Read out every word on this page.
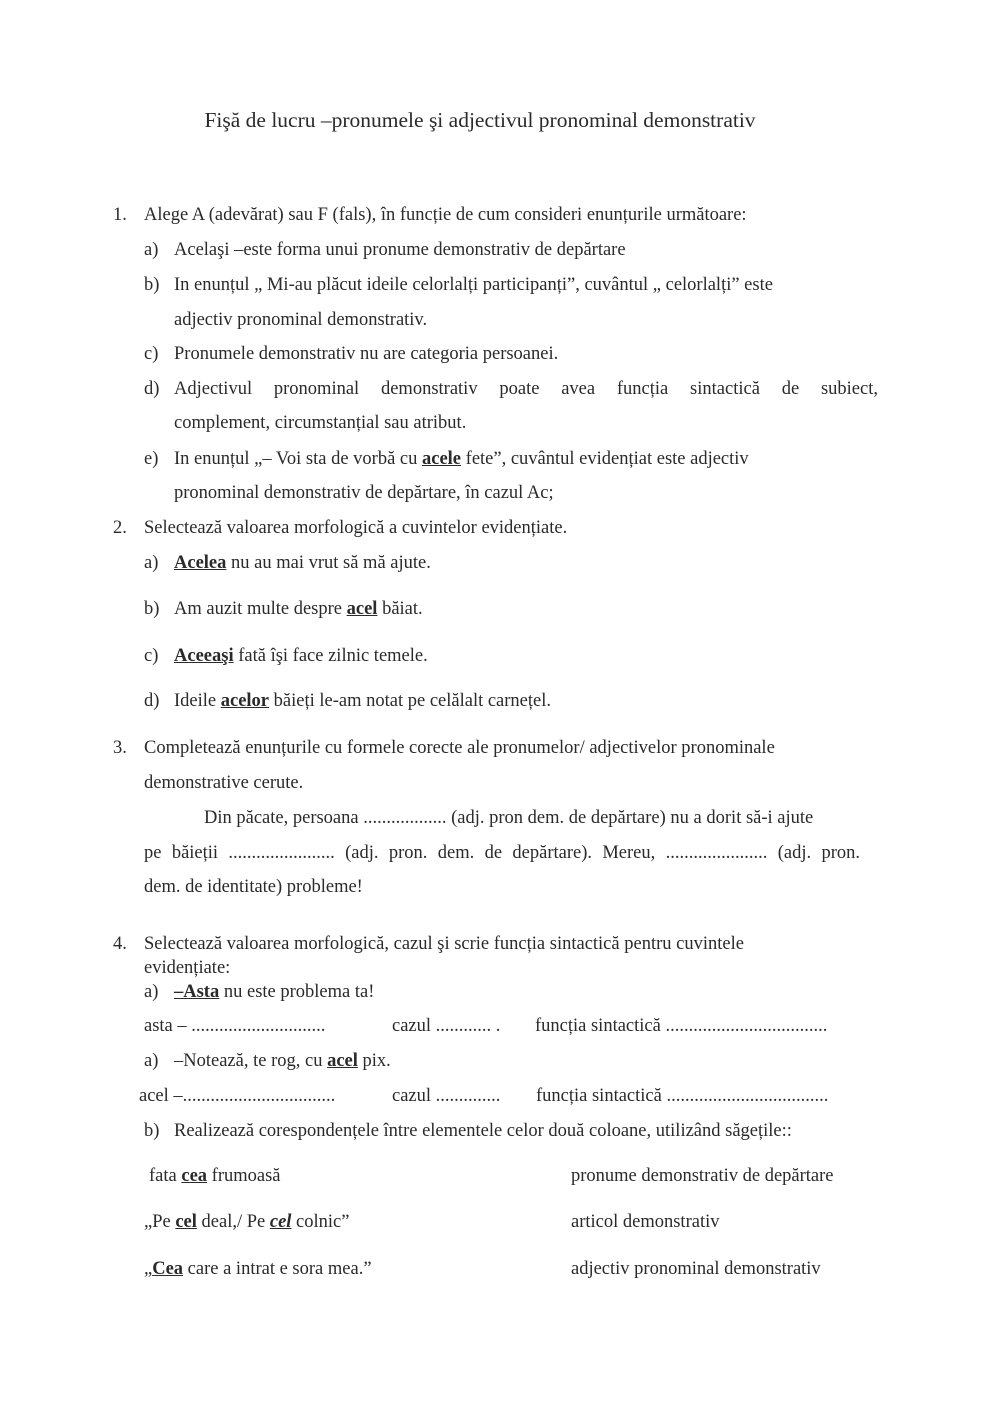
Fişă de lucru –pronumele şi adjectivul pronominal demonstrativ
1. Alege A (adevărat) sau F (fals), în funcție de cum consideri enunțurile următoare:
a) Acelaşi –este forma unui pronume demonstrativ de depărtare
b) In enunțul „ Mi-au plăcut ideile celorlalți participanți”, cuvântul „ celorlalți” este
adjectiv pronominal demonstrativ.
c) Pronumele demonstrativ nu are categoria persoanei.
d) Adjectivul pronominal demonstrativ poate avea funcția sintactică de subiect,
complement, circumstanțial sau atribut.
e) In enunțul „– Voi sta de vorbă cu acele fete”, cuvântul evidențiat este adjectiv
pronominal demonstrativ de depărtare, în cazul Ac;
2. Selectează valoarea morfologică a cuvintelor evidențiate.
a) Acelea nu au mai vrut să mă ajute.
b) Am auzit multe despre acel băiat.
c) Aceeaşi fată îşi face zilnic temele.
d) Ideile acelor băieți le-am notat pe celălalt carnețel.
3. Completează enunțurile cu formele corecte ale pronumelor/ adjectivelor pronominale
demonstrative cerute.
Din păcate, persoana .................. (adj. pron dem. de depărtare) nu a dorit să-i ajute
pe băieții ....................... (adj. pron. dem. de depărtare). Mereu, ...................... (adj. pron.
dem. de identitate) probleme!
4. Selectează valoarea morfologică, cazul şi scrie funcția sintactică pentru cuvintele
evidențiate:
a) –Asta nu este problema ta!
asta – .............................	cazul ............ . funcția sintactică ...................................
a) –Notează, te rog, cu acel pix.
acel –.................................	cazul .............. funcția sintactică ...................................
b) Realizează corespondențele între elementele celor două coloane, utilizând săgețile::
fata cea frumoasă	pronume demonstrativ de depărtare
„Pe cel deal,/ Pe cel colnic”	articol demonstrativ
„Cea care a intrat e sora mea.”	adjectiv pronominal demonstrativ
